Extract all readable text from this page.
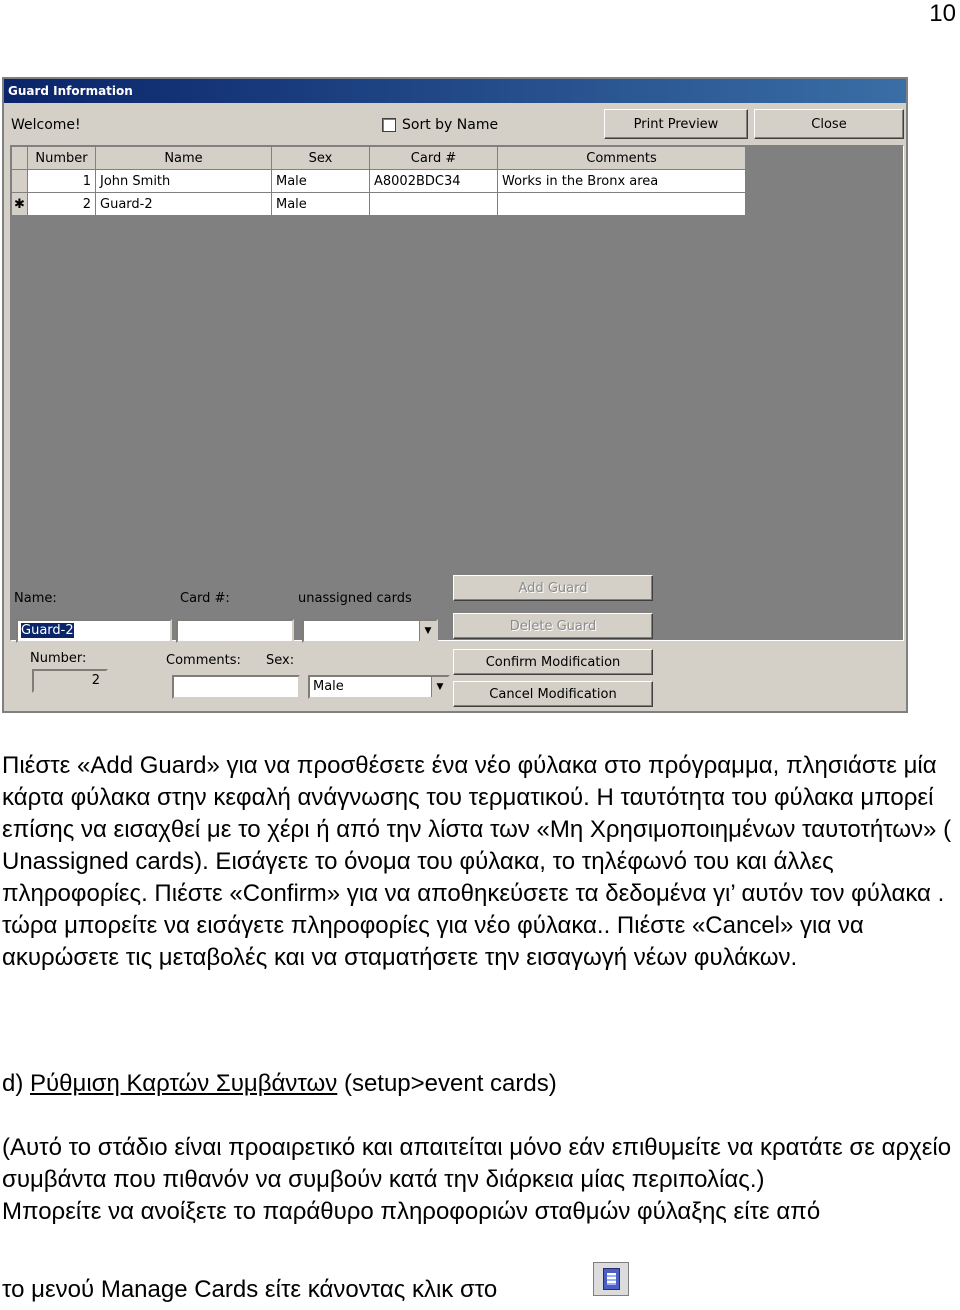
10
Guard Information
Welcome!	Sort by Name	Print Preview	Close
	Number	Name	Sex	Card #	Comments
	1	John Smith	Male	A8002BDC34	Works in the Bronx area
✱	2	Guard-2	Male		
Name:	Card #:	unassigned cards
Guard-2	▼
Number:	Comments: Sex:
2	Male	▼
Add Guard
Delete Guard
Confirm Modification
Cancel Modification
Πιέστε «Add Guard» για να προσθέσετε ένα νέο φύλακα στο πρόγραμμα, πλησιάστε μία κάρτα φύλακα στην κεφαλή ανάγνωσης του τερματικού. Η ταυτότητα του φύλακα μπορεί επίσης να εισαχθεί με το χέρι ή από την λίστα των «Μη Χρησιμοποιημένων ταυτοτήτων» ( Unassigned cards). Εισάγετε το όνομα του φύλακα, το τηλέφωνό του και άλλες πληροφορίες. Πιέστε «Confirm» για να αποθηκεύσετε τα δεδομένα γι’ αυτόν τον φύλακα . τώρα μπορείτε να εισάγετε πληροφορίες για νέο φύλακα.. Πιέστε «Cancel» για να ακυρώσετε τις μεταβολές και να σταματήσετε την εισαγωγή νέων φυλάκων.
d) Ρύθμιση Καρτών Συμβάντων (setup>event cards)
(Αυτό το στάδιο είναι προαιρετικό και απαιτείται μόνο εάν επιθυμείτε να κρατάτε σε αρχείο συμβάντα που πιθανόν να συμβούν κατά την διάρκεια μίας περιπολίας.)
Μπορείτε να ανοίξετε το παράθυρο πληροφοριών σταθμών φύλαξης είτε από
το μενού Manage Cards είτε κάνοντας κλικ στο
